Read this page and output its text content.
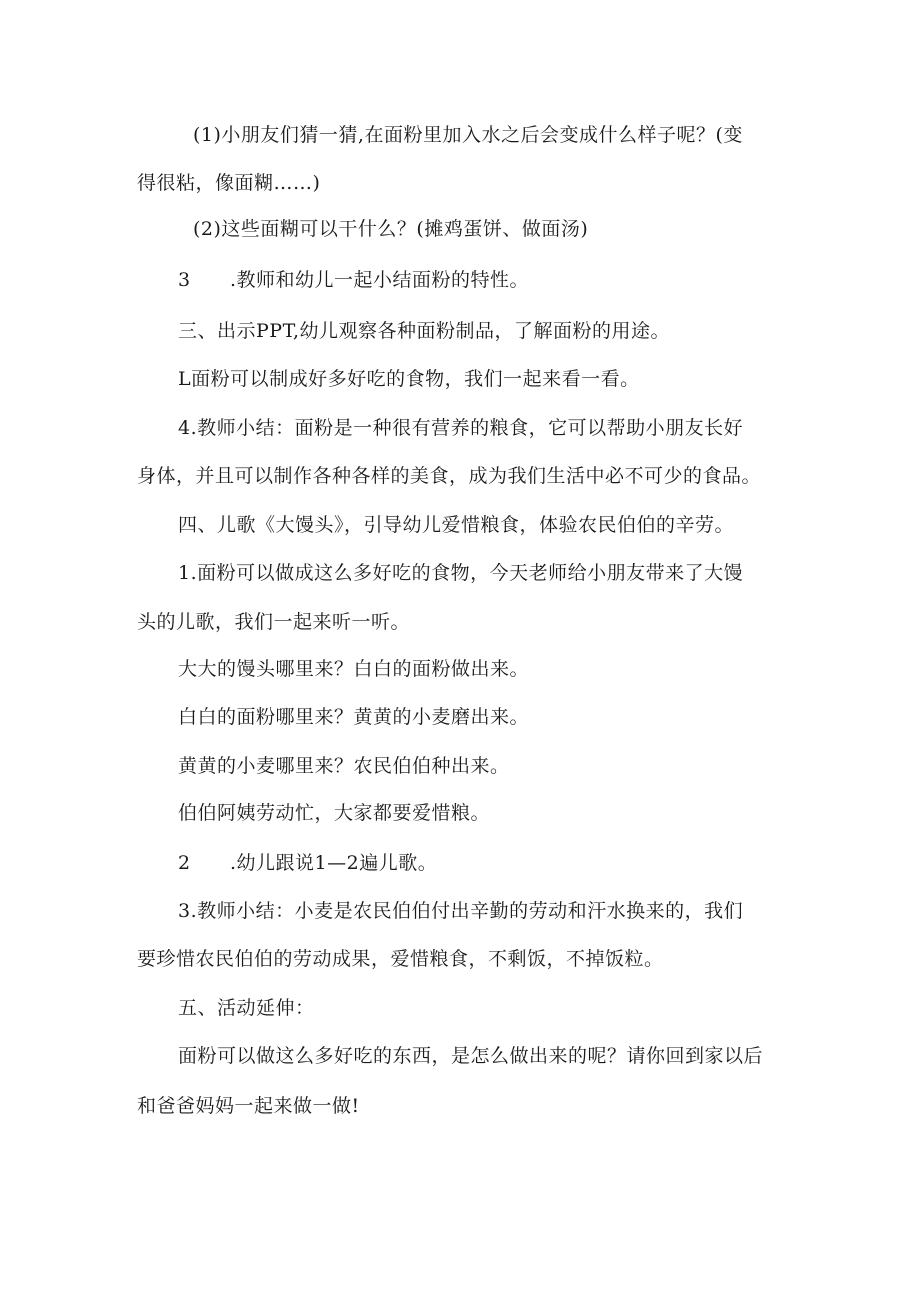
(1)小朋友们猜一猜,在面粉里加入水之后会变成什么样子呢？(变
得很粘，像面糊……)
(2)这些面糊可以干什么？(摊鸡蛋饼、做面汤)
3 .教师和幼儿一起小结面粉的特性。
三、出示PPT,幼儿观察各种面粉制品，了解面粉的用途。
L面粉可以制成好多好吃的食物，我们一起来看一看。
4.教师小结：面粉是一种很有营养的粮食，它可以帮助小朋友长好
身体，并且可以制作各种各样的美食，成为我们生活中必不可少的食品。
四、儿歌《大馒头》，引导幼儿爱惜粮食，体验农民伯伯的辛劳。
1.面粉可以做成这么多好吃的食物，今天老师给小朋友带来了大馒
头的儿歌，我们一起来听一听。
大大的馒头哪里来？白白的面粉做出来。
白白的面粉哪里来？黄黄的小麦磨出来。
黄黄的小麦哪里来？农民伯伯种出来。
伯伯阿姨劳动忙，大家都要爱惜粮。
2 .幼儿跟说1—2遍儿歌。
3.教师小结：小麦是农民伯伯付出辛勤的劳动和汗水换来的，我们
要珍惜农民伯伯的劳动成果，爱惜粮食，不剩饭，不掉饭粒。
五、活动延伸：
面粉可以做这么多好吃的东西，是怎么做出来的呢？请你回到家以后
和爸爸妈妈一起来做一做!
